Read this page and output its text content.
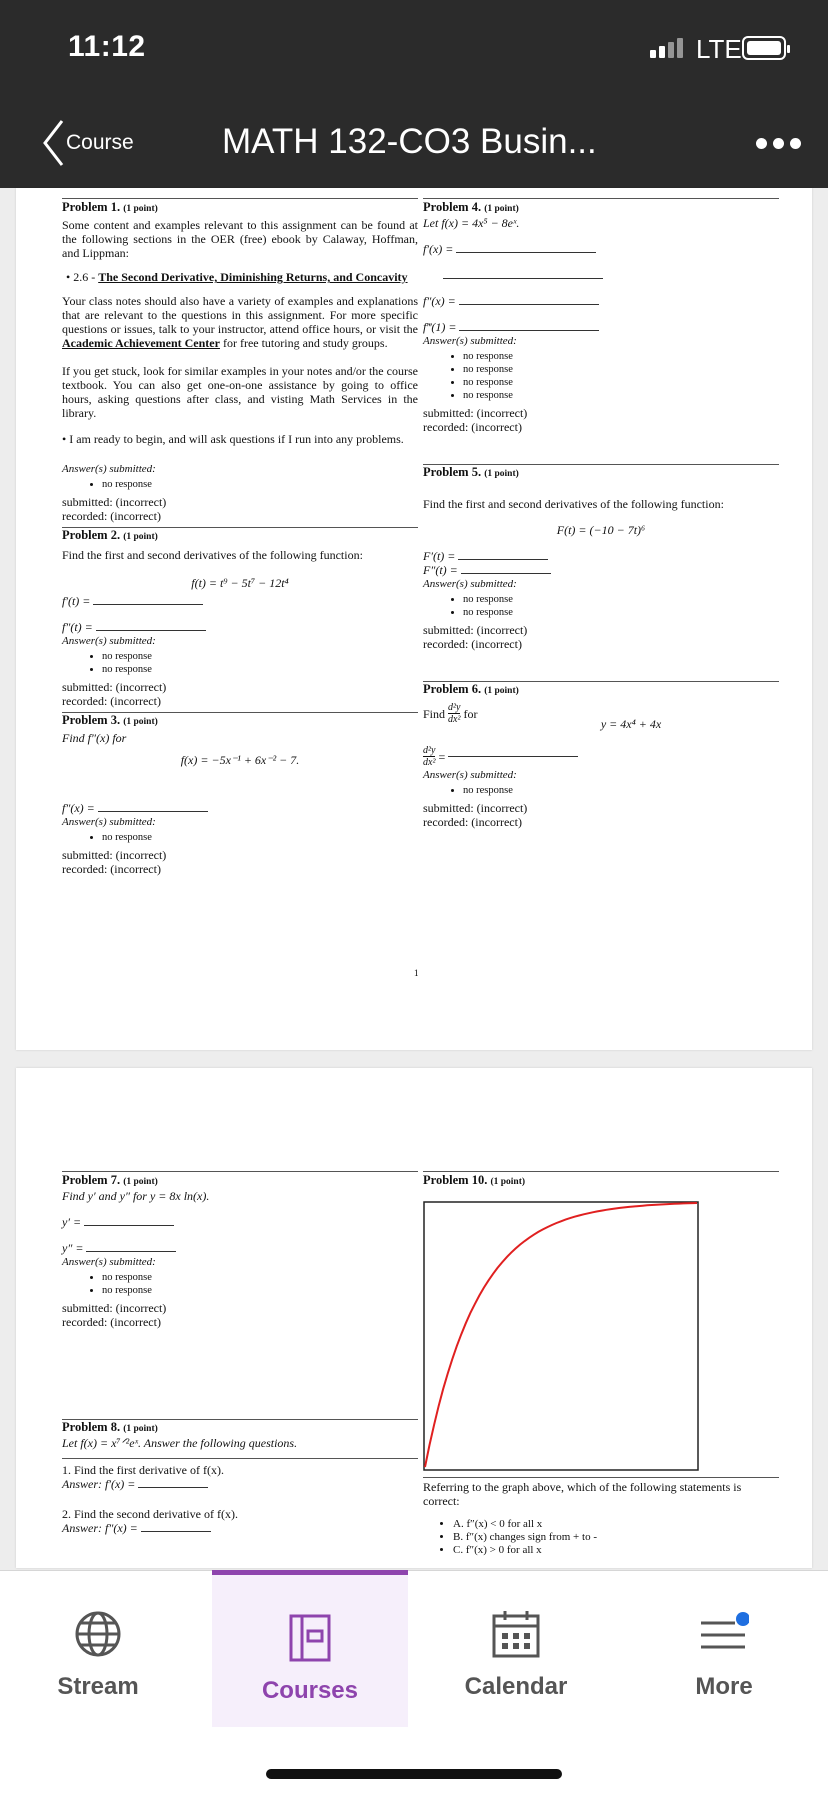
11:12	LTE
Course	MATH 132-CO3 Busin...
Problem 1. (1 point)
Some content and examples relevant to this assignment can be found at the following sections in the OER (free) ebook by Calaway, Hoffman, and Lippman:
• 2.6 - The Second Derivative, Diminishing Returns, and Concavity
Your class notes should also have a variety of examples and explanations that are relevant to the questions in this assignment. For more specific questions or issues, talk to your instructor, attend office hours, or visit the Academic Achievement Center for free tutoring and study groups.
If you get stuck, look for similar examples in your notes and/or the course textbook. You can also get one-on-one assistance by going to office hours, asking questions after class, and visting Math Services in the library.
• I am ready to begin, and will ask questions if I run into any problems.
Answer(s) submitted:
• no response
submitted: (incorrect)
recorded: (incorrect)
Problem 2. (1 point)
Find the first and second derivatives of the following function:
f(t) = t⁹ − 5t⁷ − 12t⁴
f′(t) =
f″(t) =
Answer(s) submitted:
• no response
• no response
submitted: (incorrect)
recorded: (incorrect)
Problem 3. (1 point)
Find f″(x) for
f(x) = −5x⁻¹ + 6x⁻² − 7.
f″(x) =
Answer(s) submitted:
• no response
submitted: (incorrect)
recorded: (incorrect)
Problem 4. (1 point)
Let f(x) = 4x⁵ − 8eˣ.
f′(x) =
f″(x) =
f‴(1) =
Answer(s) submitted:
• no response
• no response
• no response
• no response
submitted: (incorrect)
recorded: (incorrect)
Problem 5. (1 point)
Find the first and second derivatives of the following function:
F(t) = (−10 − 7t)⁶
F′(t) =
F″(t) =
Answer(s) submitted:
• no response
• no response
submitted: (incorrect)
recorded: (incorrect)
Problem 6. (1 point)
Find d²y
dx² for
y = 4x⁴ + 4x
$\frac{\text{d²y}}{\text{dx²}}$ =
Answer(s) submitted:
• no response
submitted: (incorrect)
recorded: (incorrect)
1
Problem 7. (1 point)
Find y′ and y″ for y = 8x ln(x).
y′ =
y″ =
Answer(s) submitted:
• no response
• no response
submitted: (incorrect)
recorded: (incorrect)
Problem 8. (1 point)
Let f(x) = x⁷ᐟ²eˣ. Answer the following questions.
1. Find the first derivative of f(x).
Answer: f′(x) =
2. Find the second derivative of f(x).
Answer: f″(x) =
Problem 10. (1 point)
Referring to the graph above, which of the following statements is correct:
• A. f″(x) < 0 for all x
• B. f″(x) changes sign from + to -
• C. f″(x) > 0 for all x
Stream	Courses	Calendar	More
